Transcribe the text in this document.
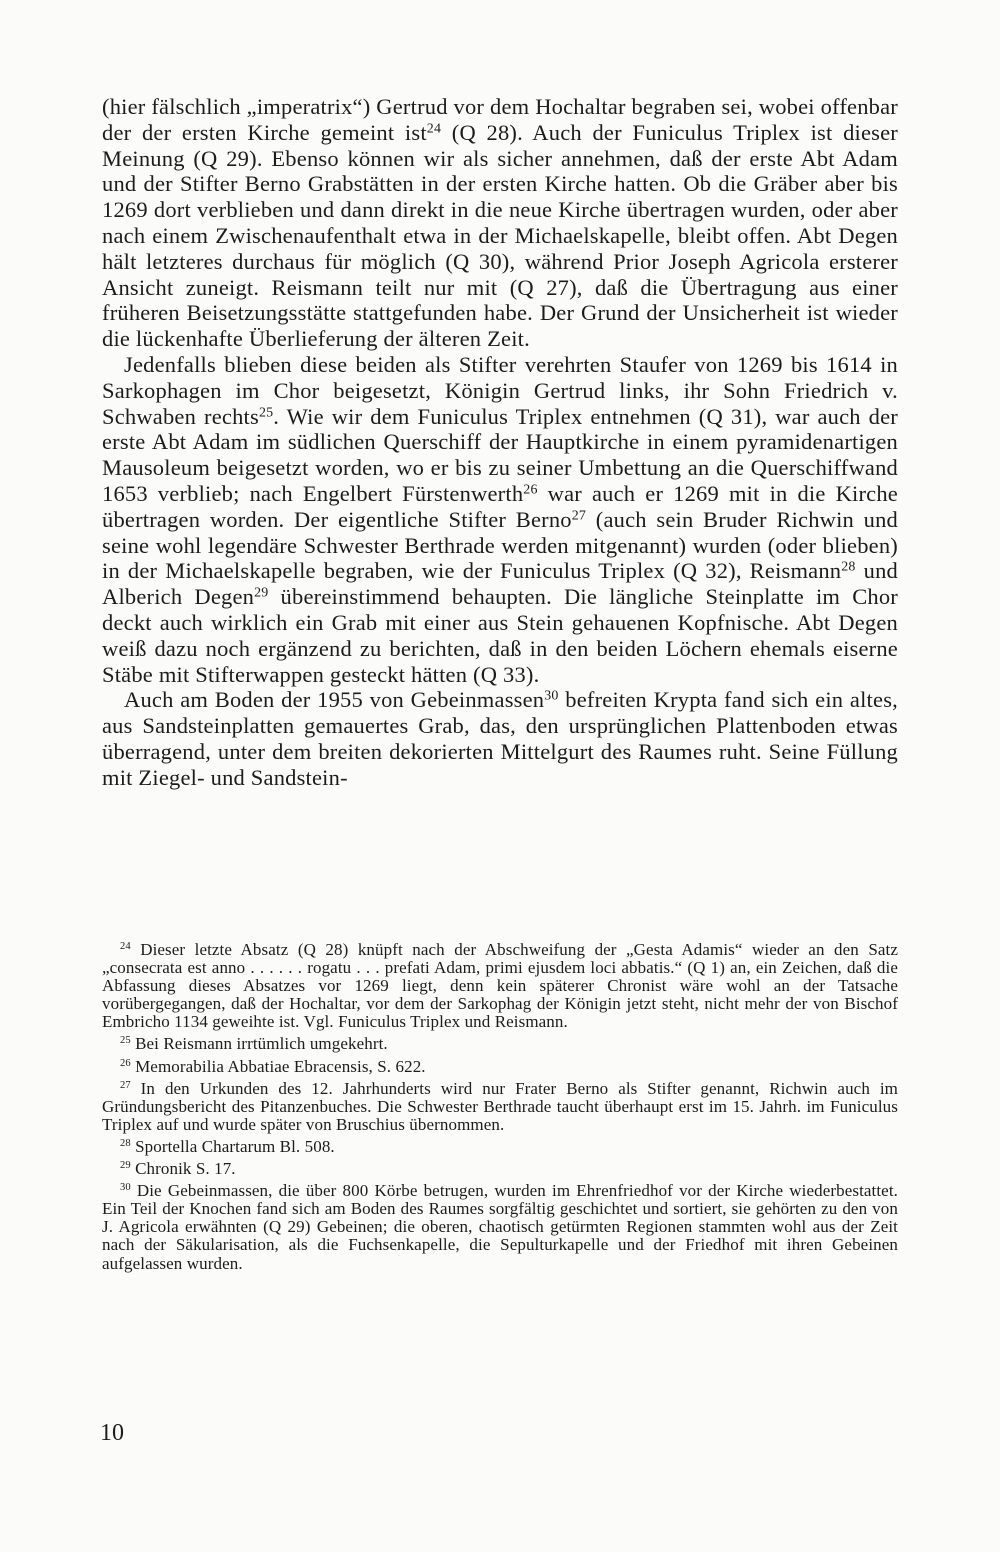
(hier fälschlich „imperatrix“) Gertrud vor dem Hochaltar begraben sei, wobei offenbar der der ersten Kirche gemeint ist$^{24}$ (Q 28). Auch der Funiculus Triplex ist dieser Meinung (Q 29). Ebenso können wir als sicher annehmen, daß der erste Abt Adam und der Stifter Berno Grabstätten in der ersten Kirche hatten. Ob die Gräber aber bis 1269 dort verblieben und dann direkt in die neue Kirche übertragen wurden, oder aber nach einem Zwischenaufenthalt etwa in der Michaelskapelle, bleibt offen. Abt Degen hält letzteres durchaus für möglich (Q 30), während Prior Joseph Agricola ersterer Ansicht zuneigt. Reismann teilt nur mit (Q 27), daß die Übertragung aus einer früheren Beisetzungsstätte stattgefunden habe. Der Grund der Unsicherheit ist wieder die lückenhafte Überlieferung der älteren Zeit.

Jedenfalls blieben diese beiden als Stifter verehrten Staufer von 1269 bis 1614 in Sarkophagen im Chor beigesetzt, Königin Gertrud links, ihr Sohn Friedrich v. Schwaben rechts$^{25}$. Wie wir dem Funiculus Triplex entnehmen (Q 31), war auch der erste Abt Adam im südlichen Querschiff der Hauptkirche in einem pyramidenartigen Mausoleum beigesetzt worden, wo er bis zu seiner Umbettung an die Querschiffwand 1653 verblieb; nach Engelbert Fürstenwerth$^{26}$ war auch er 1269 mit in die Kirche übertragen worden. Der eigentliche Stifter Berno$^{27}$ (auch sein Bruder Richwin und seine wohl legendäre Schwester Berthrade werden mitgenannt) wurden (oder blieben) in der Michaelskapelle begraben, wie der Funiculus Triplex (Q 32), Reismann$^{28}$ und Alberich Degen$^{29}$ übereinstimmend behaupten. Die längliche Steinplatte im Chor deckt auch wirklich ein Grab mit einer aus Stein gehauenen Kopfnische. Abt Degen weiß dazu noch ergänzend zu berichten, daß in den beiden Löchern ehemals eiserne Stäbe mit Stifterwappen gesteckt hätten (Q 33).

Auch am Boden der 1955 von Gebeinmassen$^{30}$ befreiten Krypta fand sich ein altes, aus Sandsteinplatten gemauertes Grab, das, den ursprünglichen Plattenboden etwas überragend, unter dem breiten dekorierten Mittelgurt des Raumes ruht. Seine Füllung mit Ziegel- und Sandstein-

$^{24}$ Dieser letzte Absatz (Q 28) knüpft nach der Abschweifung der „Gesta Adamis“ wieder an den Satz „consecrata est anno . . . . . . rogatu . . . prefati Adam, primi ejusdem loci abbatis.“ (Q 1) an, ein Zeichen, daß die Abfassung dieses Absatzes vor 1269 liegt, denn kein späterer Chronist wäre wohl an der Tatsache vorübergegangen, daß der Hochaltar, vor dem der Sarkophag der Königin jetzt steht, nicht mehr der von Bischof Embricho 1134 geweihte ist. Vgl. Funiculus Triplex und Reismann.

$^{25}$ Bei Reismann irrtümlich umgekehrt.

$^{26}$ Memorabilia Abbatiae Ebracensis, S. 622.

$^{27}$ In den Urkunden des 12. Jahrhunderts wird nur Frater Berno als Stifter genannt, Richwin auch im Gründungsbericht des Pitanzenbuches. Die Schwester Berthrade taucht überhaupt erst im 15. Jahrh. im Funiculus Triplex auf und wurde später von Bruschius übernommen.

$^{28}$ Sportella Chartarum Bl. 508.

$^{29}$ Chronik S. 17.

$^{30}$ Die Gebeinmassen, die über 800 Körbe betrugen, wurden im Ehrenfriedhof vor der Kirche wiederbestattet. Ein Teil der Knochen fand sich am Boden des Raumes sorgfältig geschichtet und sortiert, sie gehörten zu den von J. Agricola erwähnten (Q 29) Gebeinen; die oberen, chaotisch getürmten Regionen stammten wohl aus der Zeit nach der Säkularisation, als die Fuchsenkapelle, die Sepulturkapelle und der Friedhof mit ihren Gebeinen aufgelassen wurden.

10
